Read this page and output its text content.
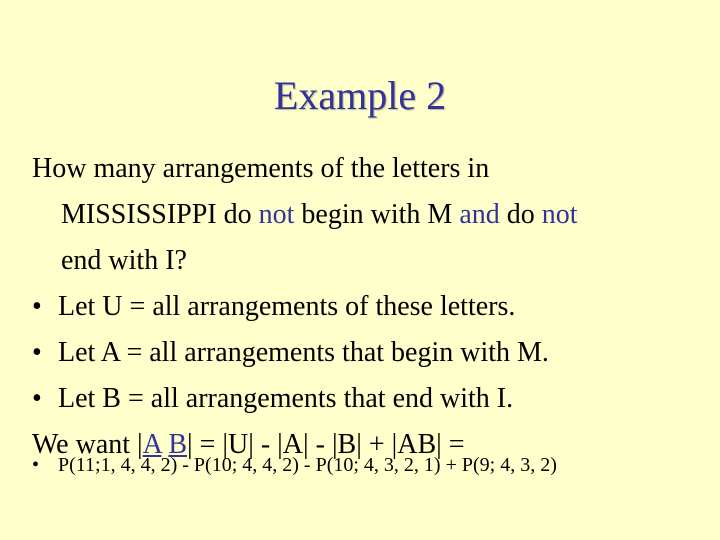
Example 2
How many arrangements of the letters in
MISSISSIPPI do not begin with M and do not
end with I?
• Let U = all arrangements of these letters.
• Let A = all arrangements that begin with M.
• Let B = all arrangements that end with I.
We want |A B| = |U| - |A| - |B| + |AB| =
• P(11;1, 4, 4, 2) - P(10; 4, 4, 2) - P(10; 4, 3, 2, 1) + P(9; 4, 3, 2)
